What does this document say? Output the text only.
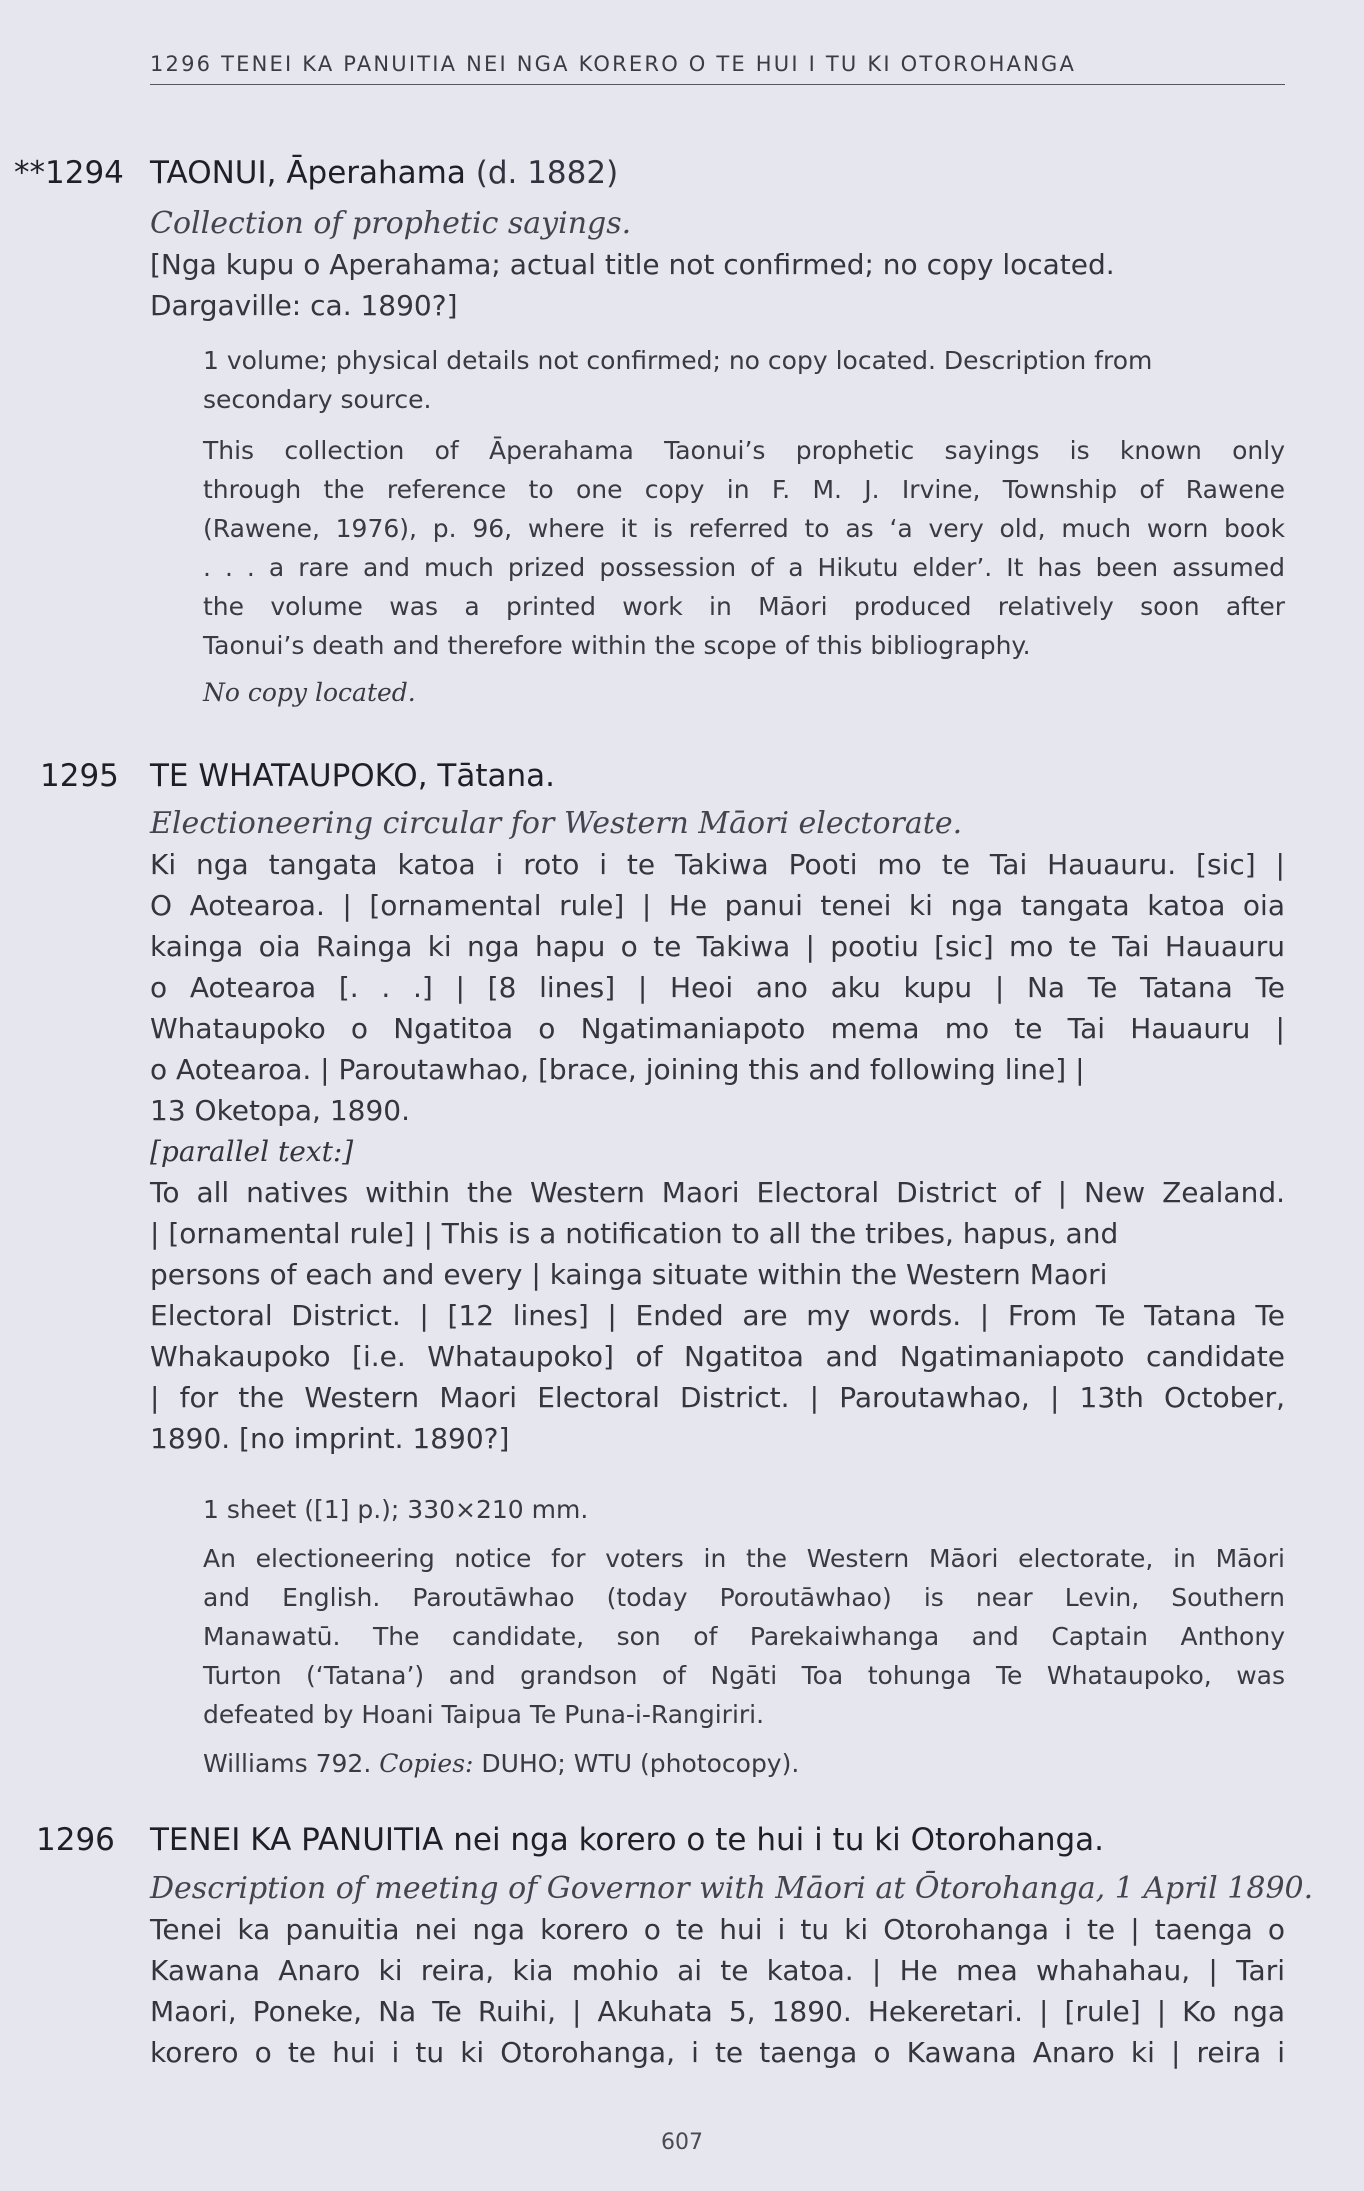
1296 TENEI KA PANUITIA NEI NGA KORERO O TE HUI I TU KI OTOROHANGA
**1294 TAONUI, Āperahama (d. 1882)
Collection of prophetic sayings.
[Nga kupu o Aperahama; actual title not confirmed; no copy located.
Dargaville: ca. 1890?]
1 volume; physical details not confirmed; no copy located. Description from
secondary source.
This collection of Āperahama Taonui’s prophetic sayings is known only
through the reference to one copy in F. M. J. Irvine, Township of Rawene
(Rawene, 1976), p. 96, where it is referred to as ‘a very old, much worn book
. . . a rare and much prized possession of a Hikutu elder’. It has been assumed
the volume was a printed work in Māori produced relatively soon after
Taonui’s death and therefore within the scope of this bibliography.
No copy located.
1295 TE WHATAUPOKO, Tātana.
Electioneering circular for Western Māori electorate.
Ki nga tangata katoa i roto i te Takiwa Pooti mo te Tai Hauauru. [sic] |
O Aotearoa. | [ornamental rule] | He panui tenei ki nga tangata katoa oia
kainga oia Rainga ki nga hapu o te Takiwa | pootiu [sic] mo te Tai Hauauru
o Aotearoa [. . .] | [8 lines] | Heoi ano aku kupu | Na Te Tatana Te
Whataupoko o Ngatitoa o Ngatimaniapoto mema mo te Tai Hauauru |
o Aotearoa. | Paroutawhao, [brace, joining this and following line] |
13 Oketopa, 1890.
[parallel text:]
To all natives within the Western Maori Electoral District of | New Zealand.
| [ornamental rule] | This is a notification to all the tribes, hapus, and
persons of each and every | kainga situate within the Western Maori
Electoral District. | [12 lines] | Ended are my words. | From Te Tatana Te
Whakaupoko [i.e. Whataupoko] of Ngatitoa and Ngatimaniapoto candidate
| for the Western Maori Electoral District. | Paroutawhao, | 13th October,
1890. [no imprint. 1890?]
1 sheet ([1] p.); 330×210 mm.
An electioneering notice for voters in the Western Māori electorate, in Māori
and English. Paroutāwhao (today Poroutāwhao) is near Levin, Southern
Manawatū. The candidate, son of Parekaiwhanga and Captain Anthony
Turton (‘Tatana’) and grandson of Ngāti Toa tohunga Te Whataupoko, was
defeated by Hoani Taipua Te Puna-i-Rangiriri.
Williams 792. Copies: DUHO; WTU (photocopy).
1296 TENEI KA PANUITIA nei nga korero o te hui i tu ki Otorohanga.
Description of meeting of Governor with Māori at Ōtorohanga, 1 April 1890.
Tenei ka panuitia nei nga korero o te hui i tu ki Otorohanga i te | taenga o
Kawana Anaro ki reira, kia mohio ai te katoa. | He mea whahahau, | Tari
Maori, Poneke, Na Te Ruihi, | Akuhata 5, 1890. Hekeretari. | [rule] | Ko nga
korero o te hui i tu ki Otorohanga, i te taenga o Kawana Anaro ki | reira i
607
